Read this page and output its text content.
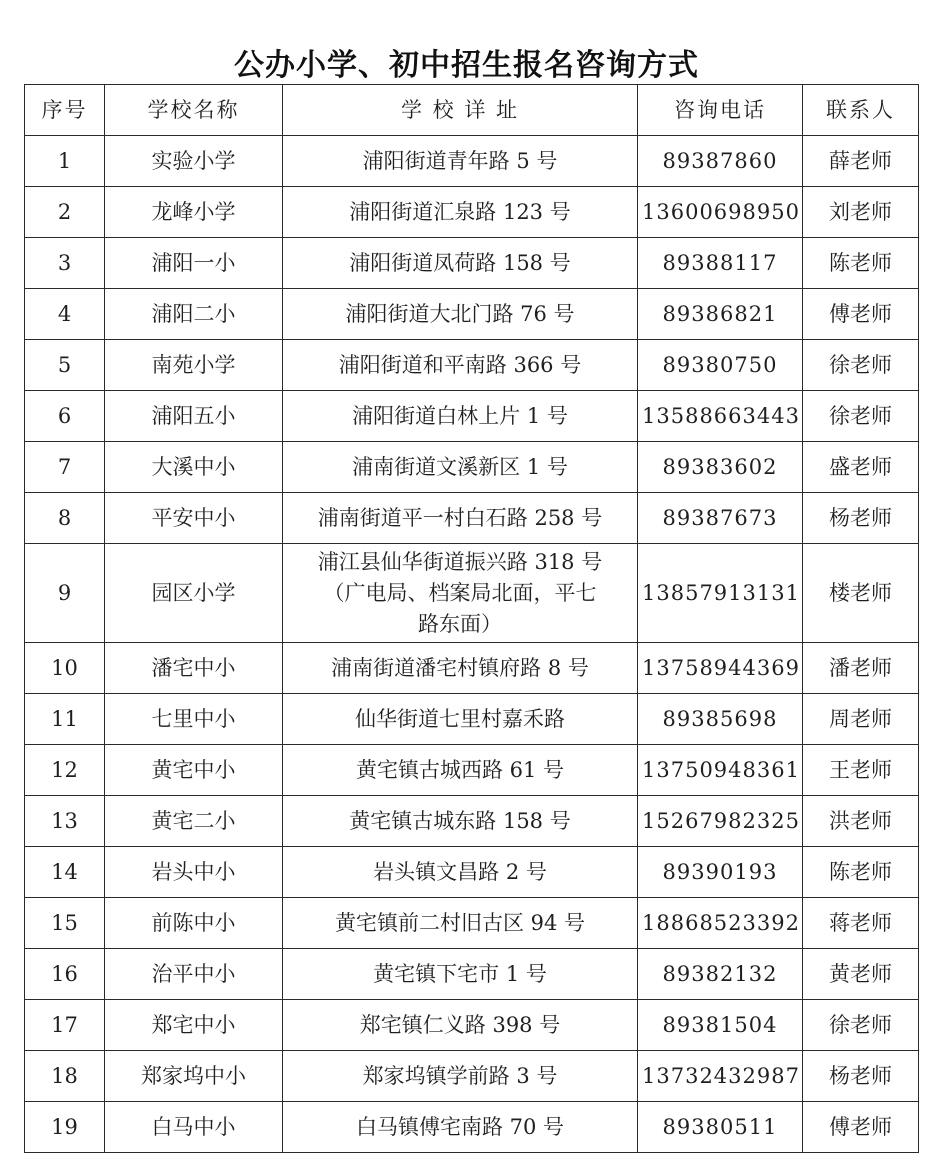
公办小学、初中招生报名咨询方式
序号	学校名称	学 校 详 址	咨询电话	联系人
1	实验小学	浦阳街道青年路 5 号	89387860	薛老师
2	龙峰小学	浦阳街道汇泉路 123 号	13600698950	刘老师
3	浦阳一小	浦阳街道凤荷路 158 号	89388117	陈老师
4	浦阳二小	浦阳街道大北门路 76 号	89386821	傅老师
5	南苑小学	浦阳街道和平南路 366 号	89380750	徐老师
6	浦阳五小	浦阳街道白林上片 1 号	13588663443	徐老师
7	大溪中小	浦南街道文溪新区 1 号	89383602	盛老师
8	平安中小	浦南街道平一村白石路 258 号	89387673	杨老师
9	园区小学	浦江县仙华街道振兴路 318 号
（广电局、档案局北面，平七
路东面）	13857913131	楼老师
10	潘宅中小	浦南街道潘宅村镇府路 8 号	13758944369	潘老师
11	七里中小	仙华街道七里村嘉禾路	89385698	周老师
12	黄宅中小	黄宅镇古城西路 61 号	13750948361	王老师
13	黄宅二小	黄宅镇古城东路 158 号	15267982325	洪老师
14	岩头中小	岩头镇文昌路 2 号	89390193	陈老师
15	前陈中小	黄宅镇前二村旧古区 94 号	18868523392	蒋老师
16	治平中小	黄宅镇下宅市 1 号	89382132	黄老师
17	郑宅中小	郑宅镇仁义路 398 号	89381504	徐老师
18	郑家坞中小	郑家坞镇学前路 3 号	13732432987	杨老师
19	白马中小	白马镇傅宅南路 70 号	89380511	傅老师
